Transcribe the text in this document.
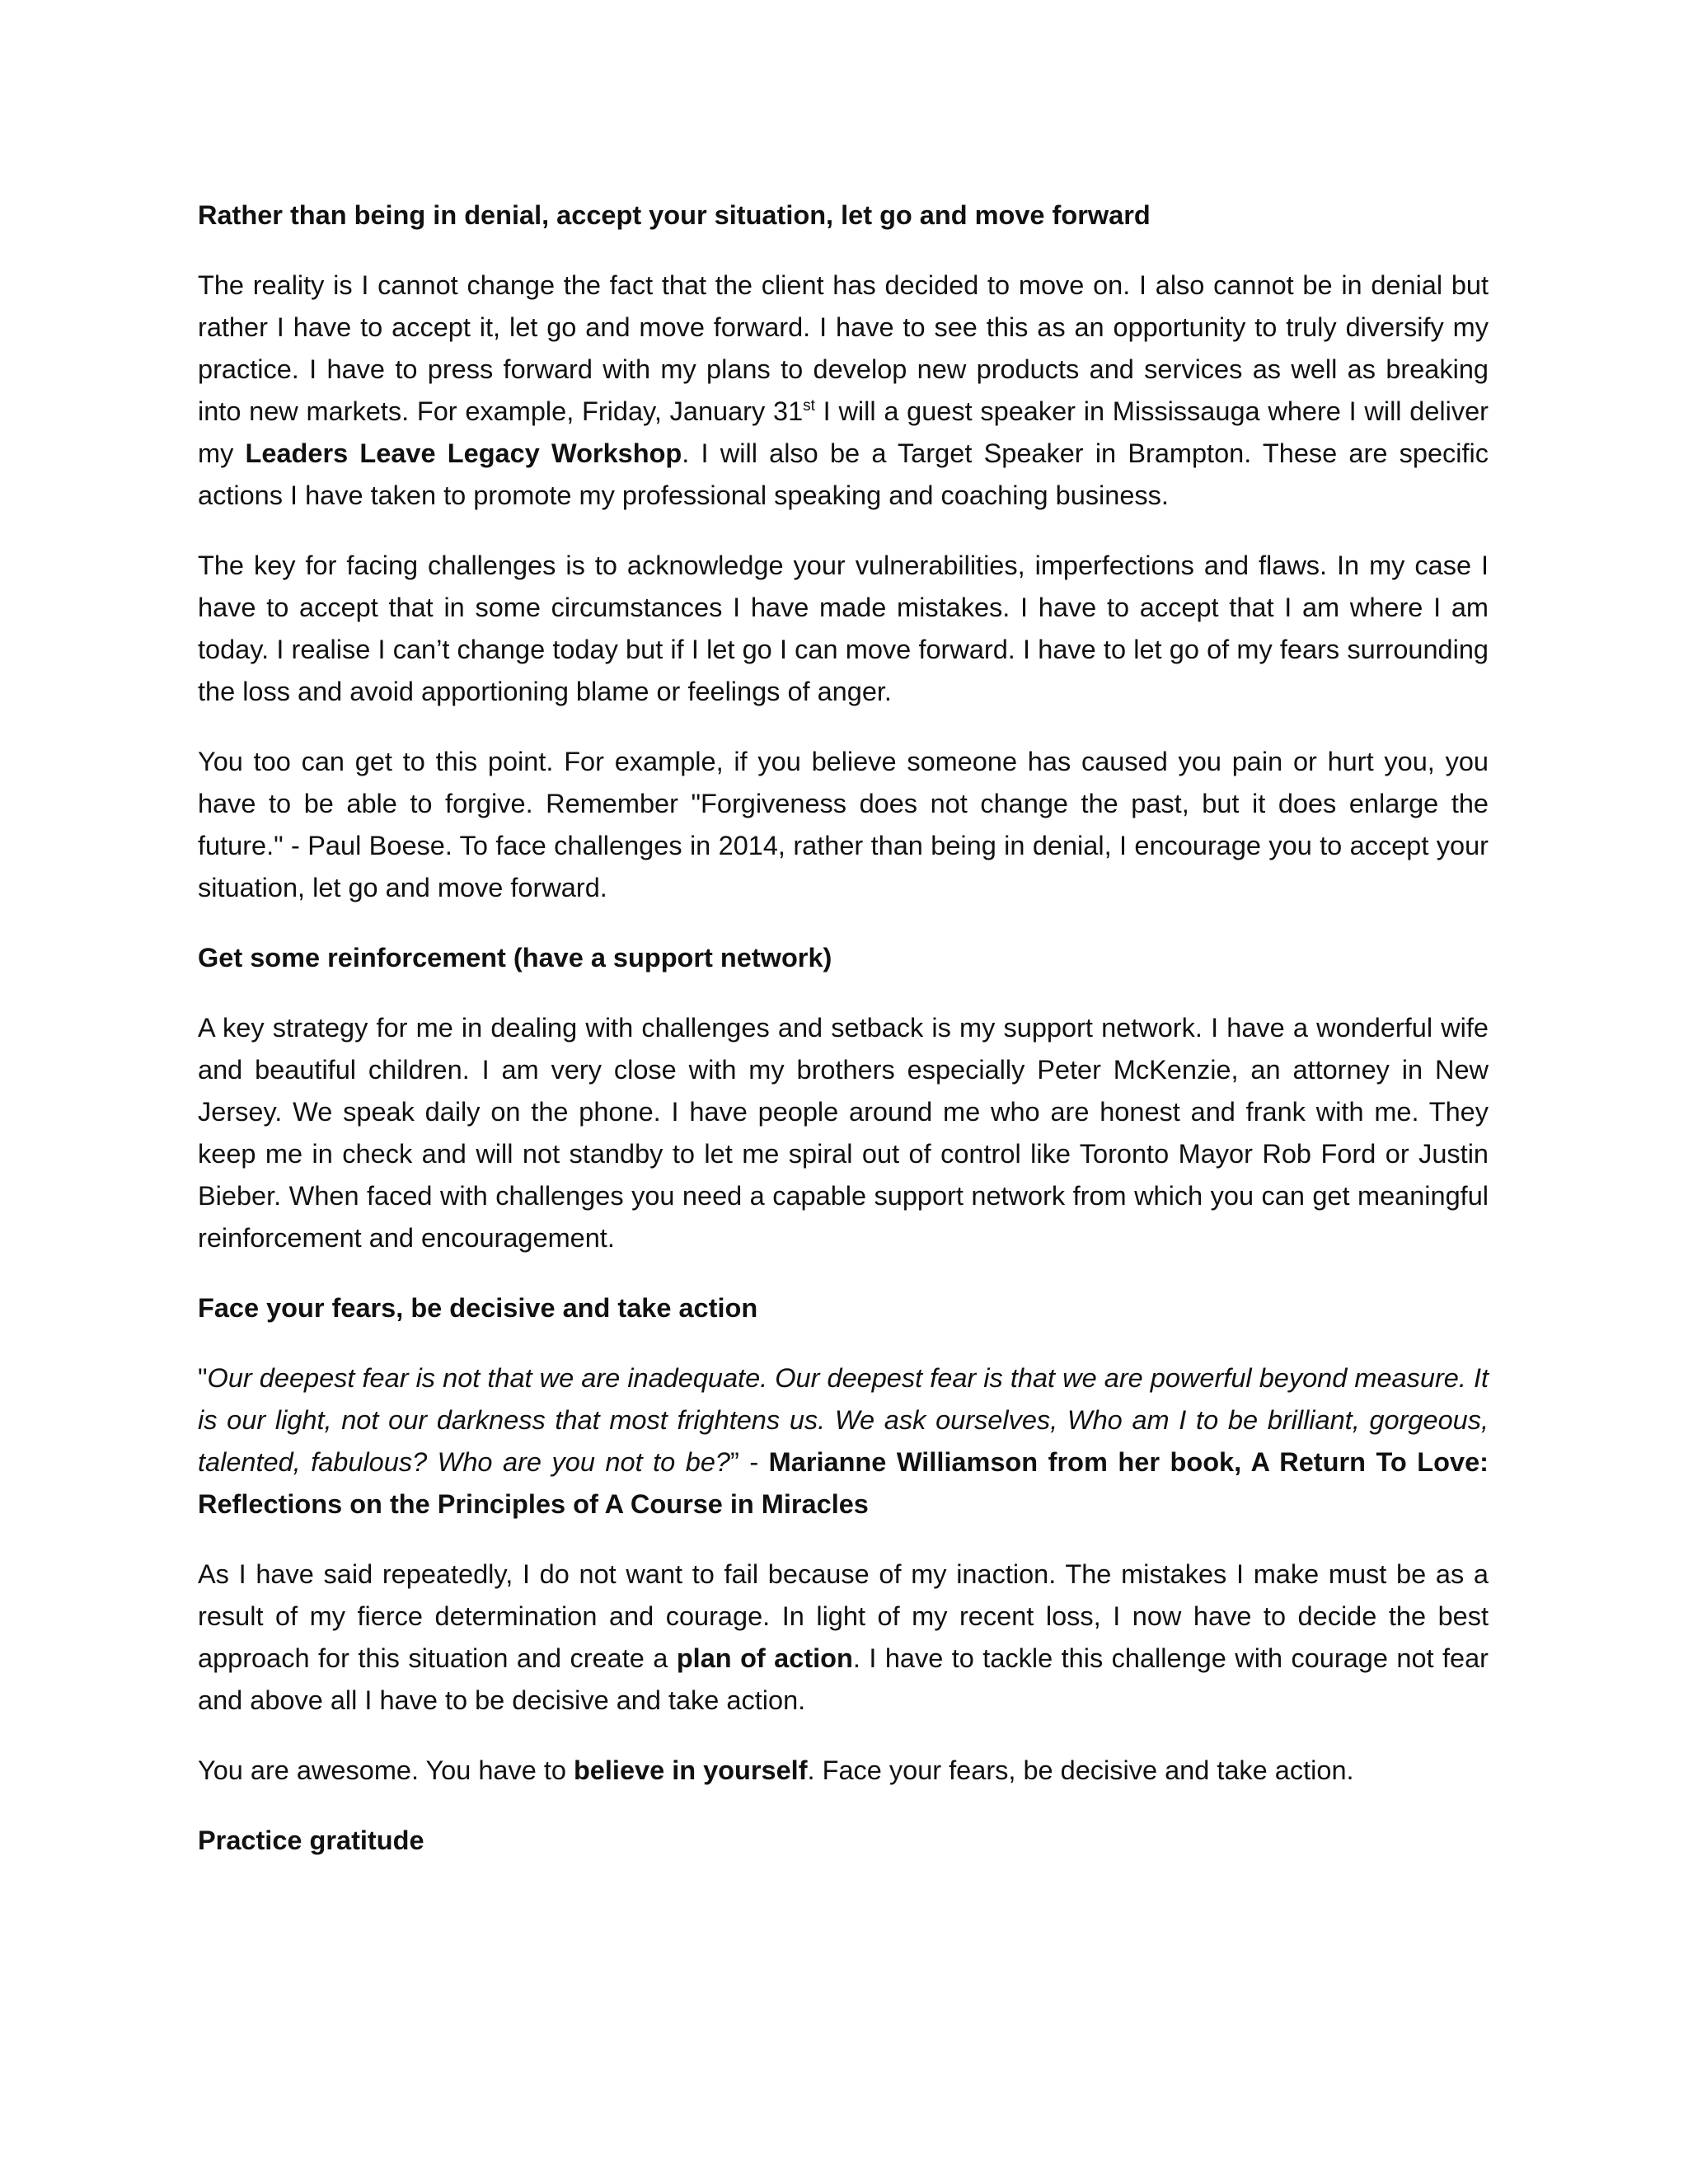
Rather than being in denial, accept your situation, let go and move forward

The reality is I cannot change the fact that the client has decided to move on. I also cannot be in denial but rather I have to accept it, let go and move forward. I have to see this as an opportunity to truly diversify my practice. I have to press forward with my plans to develop new products and services as well as breaking into new markets. For example, Friday, January 31st I will a guest speaker in Mississauga where I will deliver my Leaders Leave Legacy Workshop. I will also be a Target Speaker in Brampton. These are specific actions I have taken to promote my professional speaking and coaching business.

The key for facing challenges is to acknowledge your vulnerabilities, imperfections and flaws. In my case I have to accept that in some circumstances I have made mistakes. I have to accept that I am where I am today. I realise I can’t change today but if I let go I can move forward. I have to let go of my fears surrounding the loss and avoid apportioning blame or feelings of anger.

You too can get to this point. For example, if you believe someone has caused you pain or hurt you, you have to be able to forgive. Remember "Forgiveness does not change the past, but it does enlarge the future." - Paul Boese. To face challenges in 2014, rather than being in denial, I encourage you to accept your situation, let go and move forward.

Get some reinforcement (have a support network)

A key strategy for me in dealing with challenges and setback is my support network. I have a wonderful wife and beautiful children. I am very close with my brothers especially Peter McKenzie, an attorney in New Jersey. We speak daily on the phone. I have people around me who are honest and frank with me. They keep me in check and will not standby to let me spiral out of control like Toronto Mayor Rob Ford or Justin Bieber. When faced with challenges you need a capable support network from which you can get meaningful reinforcement and encouragement.

Face your fears, be decisive and take action

"Our deepest fear is not that we are inadequate. Our deepest fear is that we are powerful beyond measure. It is our light, not our darkness that most frightens us. We ask ourselves, Who am I to be brilliant, gorgeous, talented, fabulous? Who are you not to be?” - Marianne Williamson from her book, A Return To Love: Reflections on the Principles of A Course in Miracles

As I have said repeatedly, I do not want to fail because of my inaction. The mistakes I make must be as a result of my fierce determination and courage. In light of my recent loss, I now have to decide the best approach for this situation and create a plan of action. I have to tackle this challenge with courage not fear and above all I have to be decisive and take action.

You are awesome. You have to believe in yourself. Face your fears, be decisive and take action.

Practice gratitude
